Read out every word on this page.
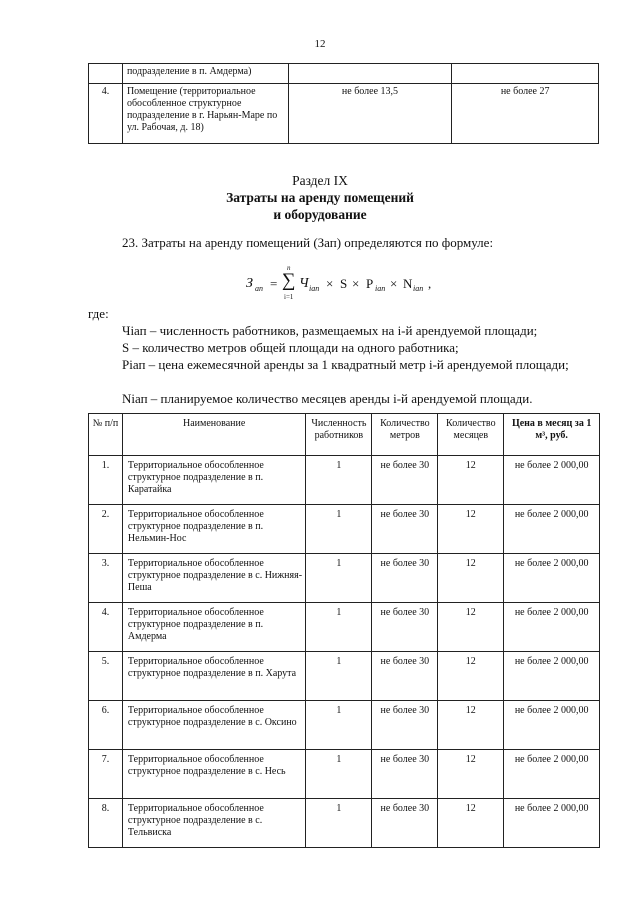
12
	подразделение в п. Амдерма)		
4.	Помещение (территориальное обособленное структурное подразделение в г. Нарьян-Маре по ул. Рабочая, д. 18)	не более 13,5	не более 27
Раздел IX
Затраты на аренду помещений
и оборудование
23. Затраты на аренду помещений (Зап) определяются по формуле:
З ап =
n
∑
i=1
Ч iап × S × P iап × N iап ,
где:
Чiап – численность работников, размещаемых на i-й арендуемой площади;
S – количество метров общей площади на одного работника;
Piап – цена ежемесячной аренды за 1 квадратный метр i-й арендуемой площади;
Niап – планируемое количество месяцев аренды i-й арендуемой площади.
№ п/п	Наименование	Численность работников	Количество метров	Количество месяцев	Цена в месяц за 1 м³, руб.
1.	Территориальное обособленное структурное подразделение в п. Каратайка	1	не более 30	12	не более 2 000,00
2.	Территориальное обособленное структурное подразделение в п. Нельмин-Нос	1	не более 30	12	не более 2 000,00
3.	Территориальное обособленное структурное подразделение в с. Нижняя-Пеша	1	не более 30	12	не более 2 000,00
4.	Территориальное обособленное структурное подразделение в п. Амдерма	1	не более 30	12	не более 2 000,00
5.	Территориальное обособленное структурное подразделение в п. Харута	1	не более 30	12	не более 2 000,00
6.	Территориальное обособленное структурное подразделение в с. Оксино	1	не более 30	12	не более 2 000,00
7.	Территориальное обособленное структурное подразделение в с. Несь	1	не более 30	12	не более 2 000,00
8.	Территориальное обособленное структурное подразделение в с. Тельвиска	1	не более 30	12	не более 2 000,00
